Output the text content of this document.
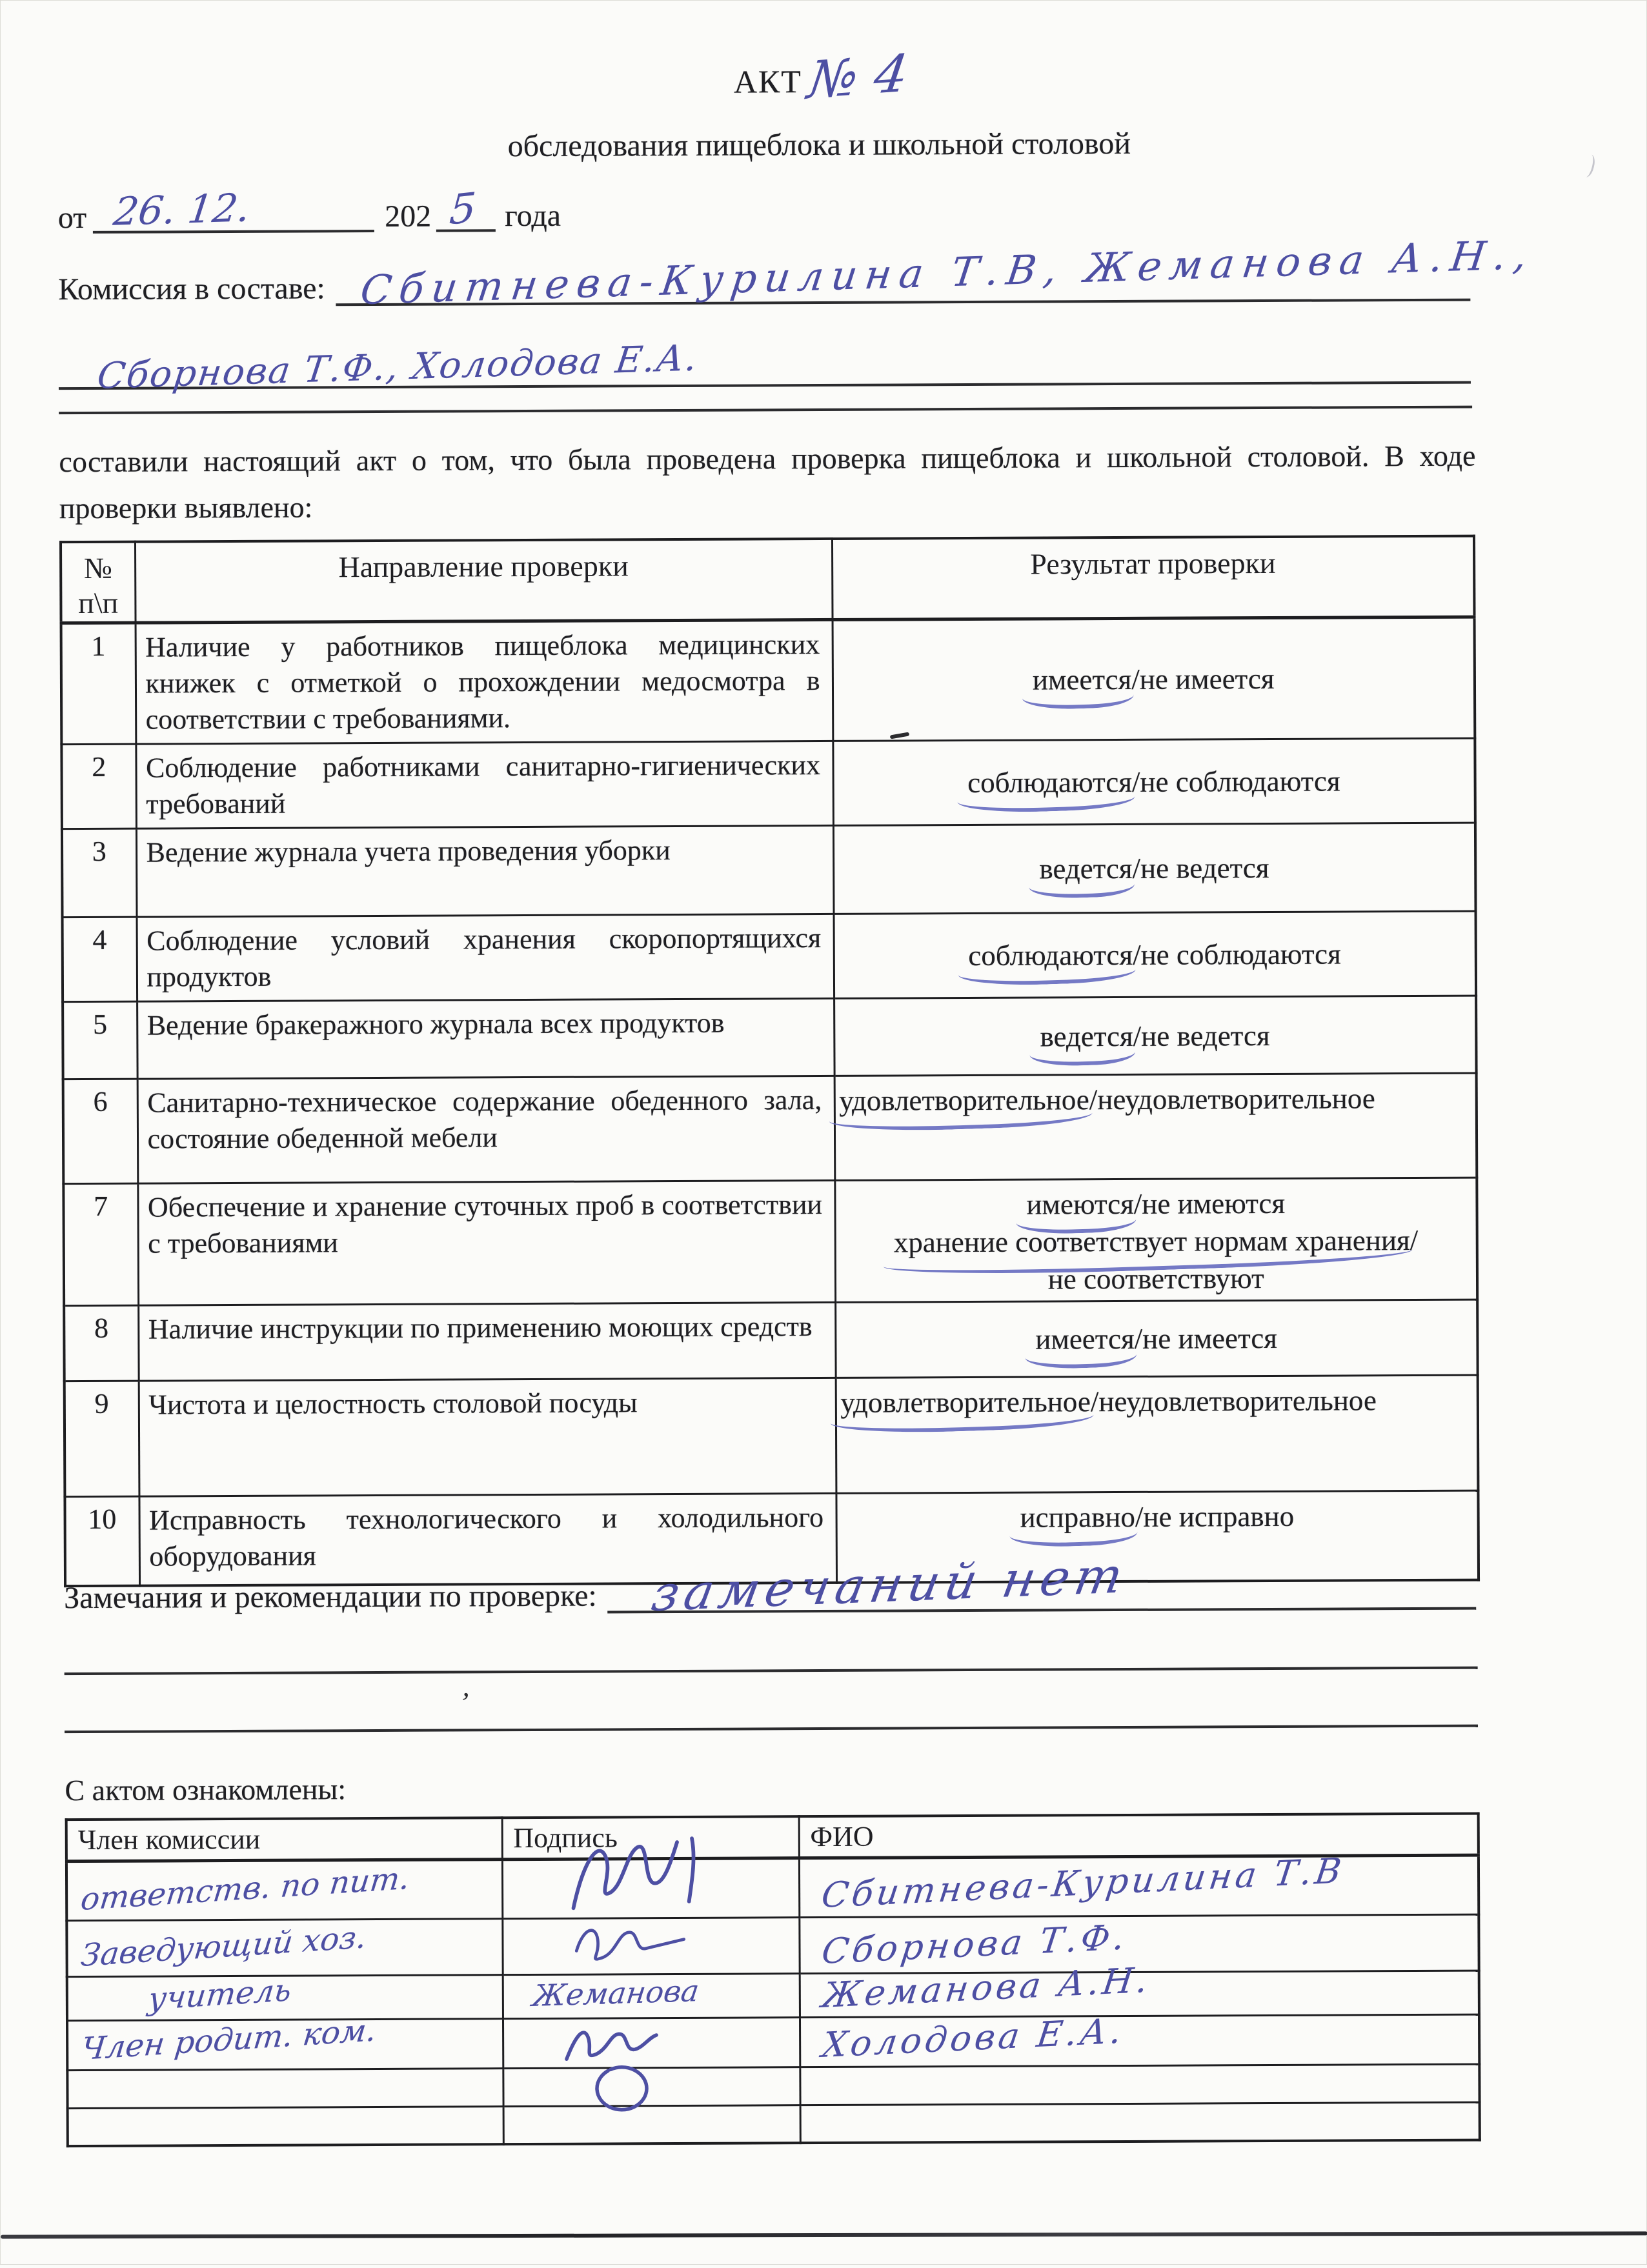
АКТ № 4
обследования пищеблока и школьной столовой
от 26. 12.	202 5 года
Комиссия в составе: Сбитнева-Курилина Т.В, Жеманова А.Н.,
Сборнова Т.Ф., Холодова Е.А.

составили настоящий акт о том, что была проведена проверка пищеблока и школьной столовой. В ходе проверки выявлено:

№
п\п	Направление проверки	Результат проверки
1	Наличие у работников пищеблока медицинских книжек с отметкой о прохождении медосмотра в соответствии с требованиями.	имеется/не имеется

2	Соблюдение работниками санитарно-гигиенических требований	соблюдаются/не соблюдаются

3	Ведение журнала учета проведения уборки	ведется/не ведется

4	Соблюдение условий хранения скоропортящихся продуктов	соблюдаются/не соблюдаются

5	Ведение бракеражного журнала всех продуктов	ведется/не ведется

6	Санитарно-техническое содержание обеденного зала, состояние обеденной мебели	удовлетворительное/неудовлетворительное

7	Обеспечение и хранение суточных проб в соответствии с требованиями	имеются/не имеются
хранение соответствует нормам хранения/
не соответствуют

8	Наличие инструкции по применению моющих средств	имеется/не имеется

9	Чистота и целостность столовой посуды	удовлетворительное/неудовлетворительное

10	Исправность технологического и холодильного оборудования	исправно/не исправно
Замечания и рекомендации по проверке: замечаний нет
С актом ознакомлены:
Член комиссии	Подпись	ФИО
ответств. по пит.		Сбитнева-Курилина Т.В
Заведующий хоз.		Сборнова Т.Ф.
учитель	Жеманова	Жеманова А.Н.
Член родит. ком.		Холодова Е.А.

’
